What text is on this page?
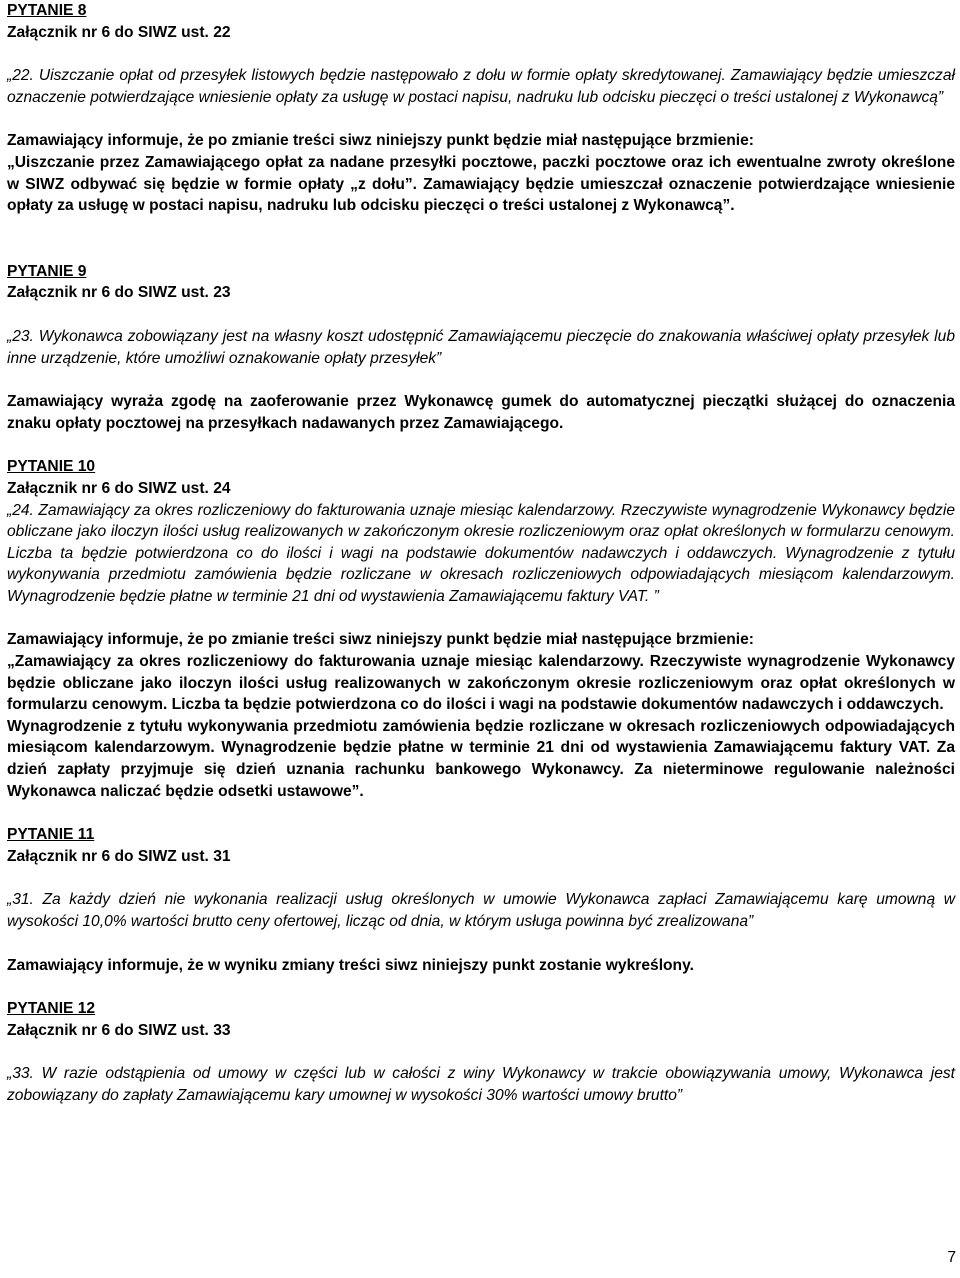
PYTANIE 8
Załącznik nr 6 do SIWZ ust. 22

„22. Uiszczanie opłat od przesyłek listowych będzie następowało z dołu w formie opłaty skredytowanej. Zamawiający będzie umieszczał oznaczenie potwierdzające wniesienie opłaty za usługę w postaci napisu, nadruku lub odcisku pieczęci o treści ustalonej z Wykonawcą”

Zamawiający informuje, że po zmianie treści siwz niniejszy punkt będzie miał następujące brzmienie:

„Uiszczanie przez Zamawiającego opłat za nadane przesyłki pocztowe, paczki pocztowe oraz ich ewentualne zwroty określone w SIWZ odbywać się będzie w formie opłaty „z dołu”. Zamawiający będzie umieszczał oznaczenie potwierdzające wniesienie opłaty za usługę w postaci napisu, nadruku lub odcisku pieczęci o treści ustalonej z Wykonawcą”.

PYTANIE 9
Załącznik nr 6 do SIWZ ust. 23

„23. Wykonawca zobowiązany jest na własny koszt udostępnić Zamawiającemu pieczęcie do znakowania właściwej opłaty przesyłek lub inne urządzenie, które umożliwi oznakowanie opłaty przesyłek”

Zamawiający wyraża zgodę na zaoferowanie przez Wykonawcę gumek do automatycznej pieczątki służącej do oznaczenia znaku opłaty pocztowej na przesyłkach nadawanych przez Zamawiającego.

PYTANIE 10
Załącznik nr 6 do SIWZ ust. 24

„24. Zamawiający za okres rozliczeniowy do fakturowania uznaje miesiąc kalendarzowy. Rzeczywiste wynagrodzenie Wykonawcy będzie obliczane jako iloczyn ilości usług realizowanych w zakończonym okresie rozliczeniowym oraz opłat określonych w formularzu cenowym. Liczba ta będzie potwierdzona co do ilości i wagi na podstawie dokumentów nadawczych i oddawczych. Wynagrodzenie z tytułu wykonywania przedmiotu zamówienia będzie rozliczane w okresach rozliczeniowych odpowiadających miesiącom kalendarzowym. Wynagrodzenie będzie płatne w terminie 21 dni od wystawienia Zamawiającemu faktury VAT. ”

Zamawiający informuje, że po zmianie treści siwz niniejszy punkt będzie miał następujące brzmienie:

„Zamawiający za okres rozliczeniowy do fakturowania uznaje miesiąc kalendarzowy. Rzeczywiste wynagrodzenie Wykonawcy będzie obliczane jako iloczyn ilości usług realizowanych w zakończonym okresie rozliczeniowym oraz opłat określonych w formularzu cenowym. Liczba ta będzie potwierdzona co do ilości i wagi na podstawie dokumentów nadawczych i oddawczych.

Wynagrodzenie z tytułu wykonywania przedmiotu zamówienia będzie rozliczane w okresach rozliczeniowych odpowiadających miesiącom kalendarzowym. Wynagrodzenie będzie płatne w terminie 21 dni od wystawienia Zamawiającemu faktury VAT. Za dzień zapłaty przyjmuje się dzień uznania rachunku bankowego Wykonawcy. Za nieterminowe regulowanie należności Wykonawca naliczać będzie odsetki ustawowe”.

PYTANIE 11
Załącznik nr 6 do SIWZ ust. 31

„31. Za każdy dzień nie wykonania realizacji usług określonych w umowie Wykonawca zapłaci Zamawiającemu karę umowną w wysokości 10,0% wartości brutto ceny ofertowej, licząc od dnia, w którym usługa powinna być zrealizowana”

Zamawiający informuje, że w wyniku zmiany treści siwz niniejszy punkt zostanie wykreślony.

PYTANIE 12
Załącznik nr 6 do SIWZ ust. 33

„33. W razie odstąpienia od umowy w części lub w całości z winy Wykonawcy w trakcie obowiązywania umowy, Wykonawca jest zobowiązany do zapłaty Zamawiającemu kary umownej w wysokości 30% wartości umowy brutto”

7
